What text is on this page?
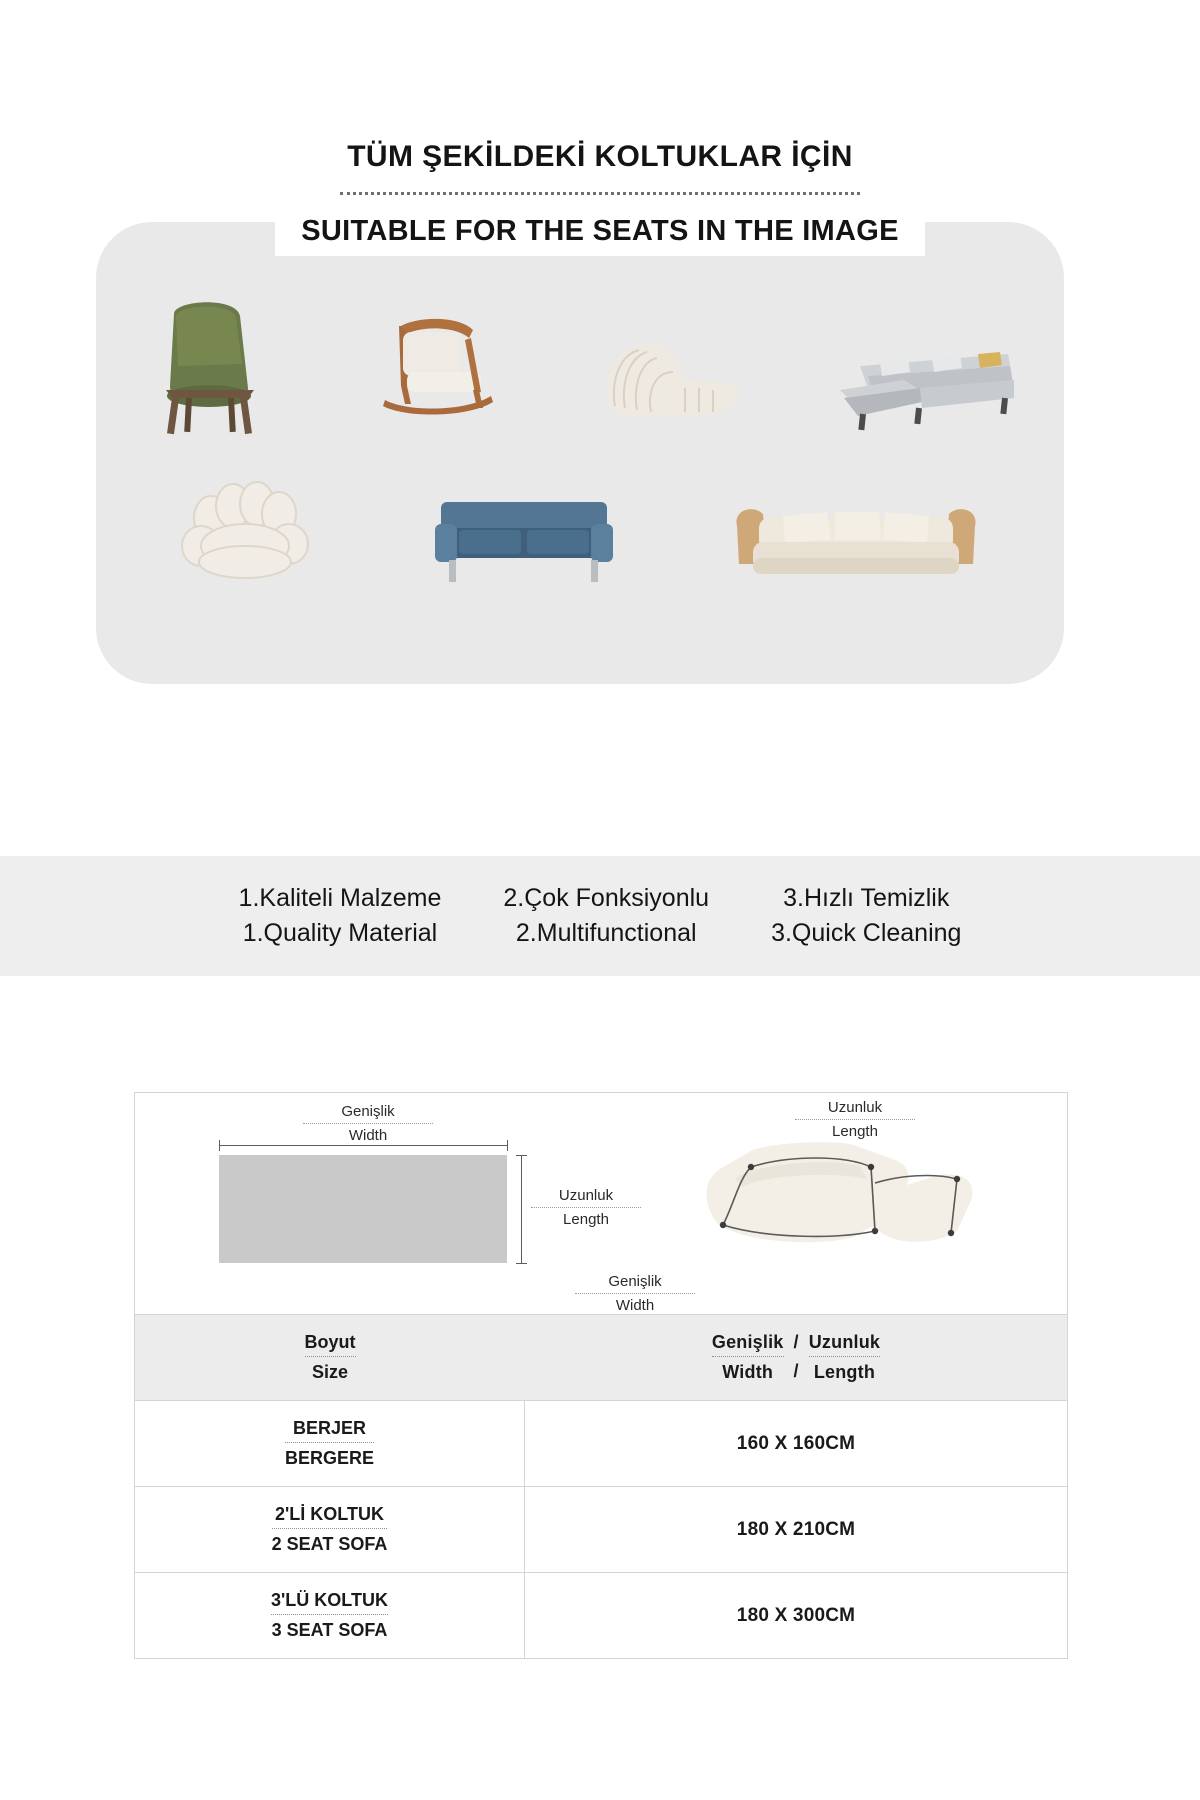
TÜM ŞEKİLDEKİ KOLTUKLAR İÇİN
SUITABLE FOR THE SEATS IN THE IMAGE
1.Kaliteli Malzeme
1.Quality Material
2.Çok Fonksiyonlu
2.Multifunctional
3.Hızlı Temizlik
3.Quick Cleaning
Genişlik
Width
Uzunluk
Length
Uzunluk
Length
Genişlik
Width
Boyut
Size
Genişlik
Width
/
/
Uzunluk
Length
BERJER
BERGERE
160 X 160CM
2'Lİ KOLTUK
2 SEAT SOFA
180 X 210CM
3'LÜ KOLTUK
3 SEAT SOFA
180 X 300CM
